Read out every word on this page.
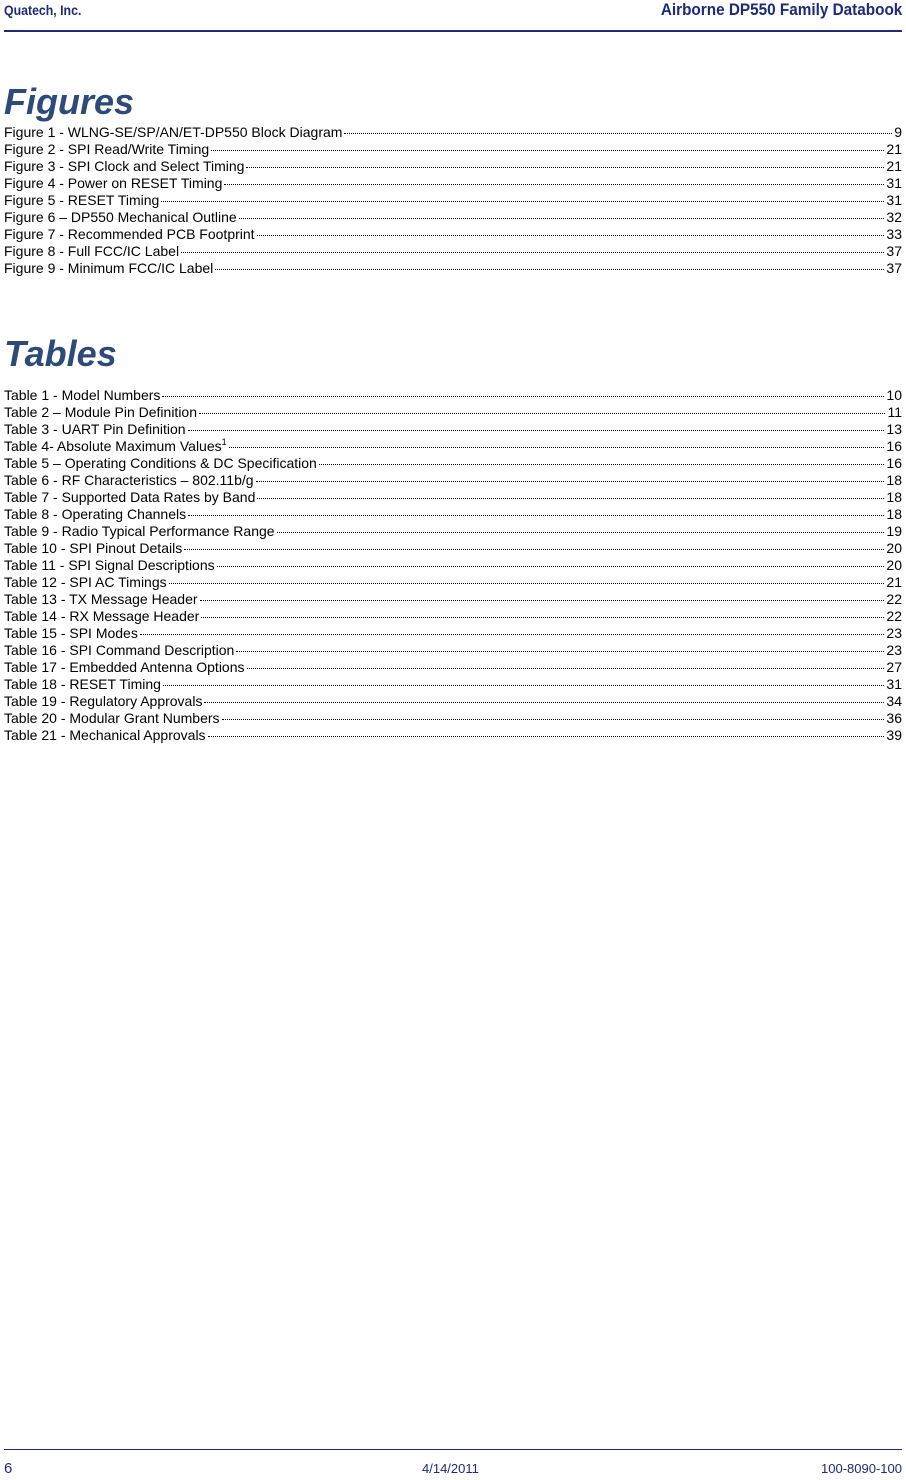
Quatech, Inc.	Airborne DP550 Family Databook
Figures
Figure 1 - WLNG-SE/SP/AN/ET-DP550 Block Diagram	9
Figure 2 - SPI Read/Write Timing	21
Figure 3 - SPI Clock and Select Timing	21
Figure 4 - Power on RESET Timing	31
Figure 5 - RESET Timing	31
Figure 6 – DP550 Mechanical Outline	32
Figure 7 - Recommended PCB Footprint	33
Figure 8 - Full FCC/IC Label	37
Figure 9 - Minimum FCC/IC Label	37
Tables
Table 1 - Model Numbers	10
Table 2 – Module Pin Definition	11
Table 3 - UART Pin Definition	13
Table 4- Absolute Maximum Values$^1$	16
Table 5 – Operating Conditions & DC Specification	16
Table 6 - RF Characteristics – 802.11b/g	18
Table 7 - Supported Data Rates by Band	18
Table 8 - Operating Channels	18
Table 9 - Radio Typical Performance Range	19
Table 10 - SPI Pinout Details	20
Table 11 - SPI Signal Descriptions	20
Table 12 - SPI AC Timings	21
Table 13 - TX Message Header	22
Table 14 - RX Message Header	22
Table 15 - SPI Modes	23
Table 16 - SPI Command Description	23
Table 17 - Embedded Antenna Options	27
Table 18 - RESET Timing	31
Table 19 - Regulatory Approvals	34
Table 20 - Modular Grant Numbers	36
Table 21 - Mechanical Approvals	39
6	4/14/2011	100-8090-100
